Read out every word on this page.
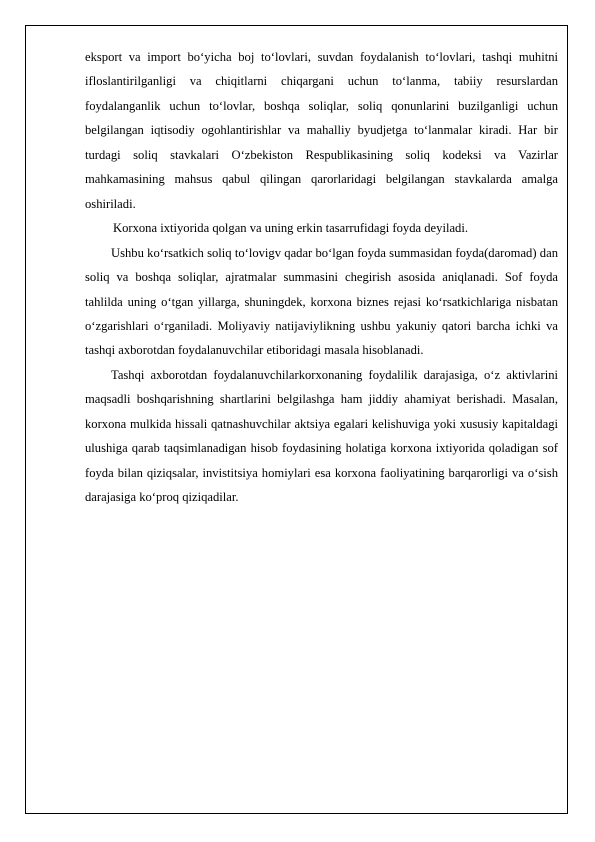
eksport va import bo‘yicha boj to‘lovlari, suvdan foydalanish to‘lovlari, tashqi muhitni ifloslantirilganligi va chiqitlarni chiqargani uchun to‘lanma, tabiiy resurslardan foydalanganlik uchun to‘lovlar, boshqa soliqlar, soliq qonunlarini buzilganligi uchun belgilangan iqtisodiy ogohlantirishlar va mahalliy byudjetga to‘lanmalar kiradi. Har bir turdagi soliq stavkalari O‘zbekiston Respublikasining soliq kodeksi va Vazirlar mahkamasining mahsus qabul qilingan qarorlaridagi belgilangan stavkalarda amalga oshiriladi.

Korxona ixtiyorida qolgan va uning erkin tasarrufidagi foyda deyiladi.

Ushbu ko‘rsatkich soliq to‘lovigv qadar bo‘lgan foyda summasidan foyda(daromad) dan soliq va boshqa soliqlar, ajratmalar summasini chegirish asosida aniqlanadi. Sof foyda tahlilda uning o‘tgan yillarga, shuningdek, korxona biznes rejasi ko‘rsatkichlariga nisbatan o‘zgarishlari o‘rganiladi. Moliyaviy natijaviylikning ushbu yakuniy qatori barcha ichki va tashqi axborotdan foydalanuvchilar etiboridagi masala hisoblanadi.

Tashqi axborotdan foydalanuvchilarkorxonaning foydalilik darajasiga, o‘z aktivlarini maqsadli boshqarishning shartlarini belgilashga ham jiddiy ahamiyat berishadi. Masalan, korxona mulkida hissali qatnashuvchilar aktsiya egalari kelishuviga yoki xususiy kapitaldagi ulushiga qarab taqsimlanadigan hisob foydasining holatiga korxona ixtiyorida qoladigan sof foyda bilan qiziqsalar, invistitsiya homiylari esa korxona faoliyatining barqarorligi va o‘sish darajasiga ko‘proq qiziqadilar.
